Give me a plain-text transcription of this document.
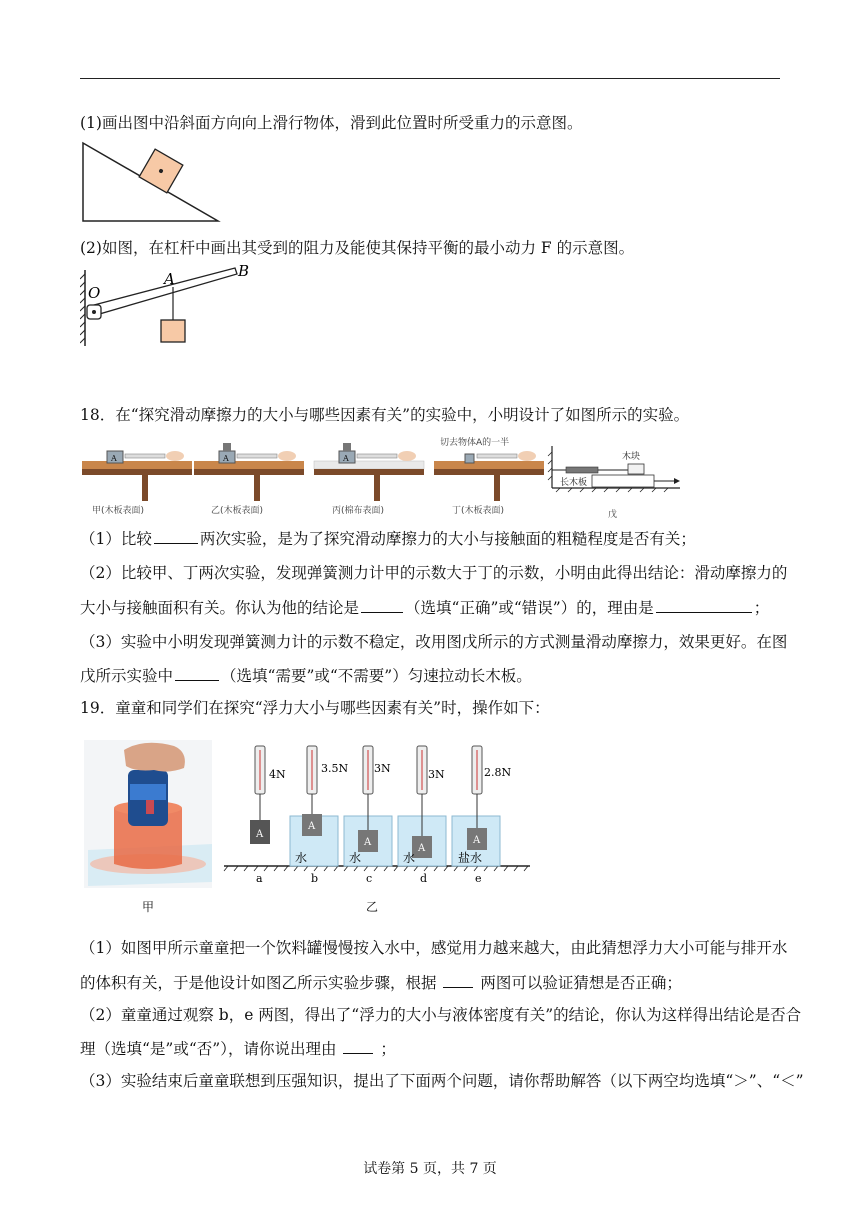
(1)画出图中沿斜面方向向上滑行物体，滑到此位置时所受重力的示意图。
(2)如图，在杠杆中画出其受到的阻力及能使其保持平衡的最小动力 F 的示意图。
O
A	B
18．在“探究滑动摩擦力的大小与哪些因素有关”的实验中，小明设计了如图所示的实验。
切去物体A的一半
A	A	A	木块
长木板
甲(木板表面)	乙(木板表面)	丙(棉布表面)	丁(木板表面)	戊
（1）比较	两次实验，是为了探究滑动摩擦力的大小与接触面的粗糙程度是否有关；
（2）比较甲、丁两次实验，发现弹簧测力计甲的示数大于丁的示数，小明由此得出结论：滑动摩擦力的
大小与接触面积有关。你认为他的结论是	（选填“正确”或“错误”）的，理由是	；
（3）实验中小明发现弹簧测力计的示数不稳定，改用图戊所示的方式测量滑动摩擦力，效果更好。在图
戊所示实验中	（选填“需要”或“不需要”）匀速拉动长木板。
19．童童和同学们在探究“浮力大小与哪些因素有关”时，操作如下：
甲
A
4N
A
3.5N
水
A
3N
水
A
3N
水
A
2.8N
盐水
a	b	c	d	e
乙
（1）如图甲所示童童把一个饮料罐慢慢按入水中，感觉用力越来越大，由此猜想浮力大小可能与排开水
的体积有关，于是他设计如图乙所示实验步骤，根据	两图可以验证猜想是否正确；
（2）童童通过观察 b，e 两图，得出了“浮力的大小与液体密度有关”的结论，你认为这样得出结论是否合
理（选填“是”或“否”），请你说出理由	；
（3）实验结束后童童联想到压强知识，提出了下面两个问题，请你帮助解答（以下两空均选填“＞”、“＜”
试卷第 5 页，共 7 页
